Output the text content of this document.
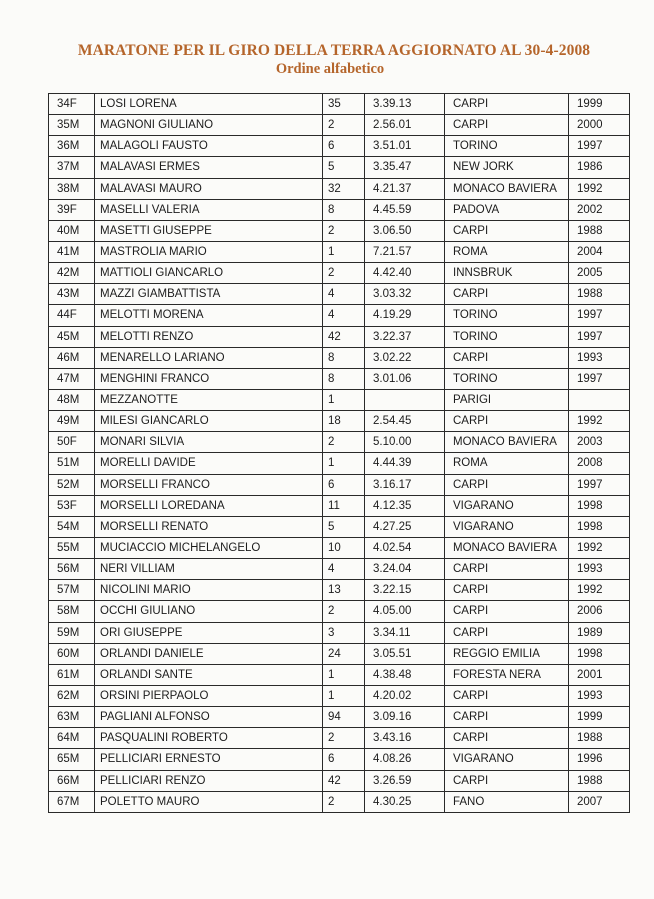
MARATONE PER IL GIRO DELLA TERRA AGGIORNATO AL 30-4-2008
Ordine alfabetico
34F	LOSI LORENA	35	3.39.13	CARPI	1999
35M	MAGNONI GIULIANO	2	2.56.01	CARPI	2000
36M	MALAGOLI FAUSTO	6	3.51.01	TORINO	1997
37M	MALAVASI ERMES	5	3.35.47	NEW JORK	1986
38M	MALAVASI MAURO	32	4.21.37	MONACO BAVIERA	1992
39F	MASELLI VALERIA	8	4.45.59	PADOVA	2002
40M	MASETTI GIUSEPPE	2	3.06.50	CARPI	1988
41M	MASTROLIA MARIO	1	7.21.57	ROMA	2004
42M	MATTIOLI GIANCARLO	2	4.42.40	INNSBRUK	2005
43M	MAZZI GIAMBATTISTA	4	3.03.32	CARPI	1988
44F	MELOTTI MORENA	4	4.19.29	TORINO	1997
45M	MELOTTI RENZO	42	3.22.37	TORINO	1997
46M	MENARELLO LARIANO	8	3.02.22	CARPI	1993
47M	MENGHINI FRANCO	8	3.01.06	TORINO	1997
48M	MEZZANOTTE	1		PARIGI	
49M	MILESI GIANCARLO	18	2.54.45	CARPI	1992
50F	MONARI SILVIA	2	5.10.00	MONACO BAVIERA	2003
51M	MORELLI DAVIDE	1	4.44.39	ROMA	2008
52M	MORSELLI FRANCO	6	3.16.17	CARPI	1997
53F	MORSELLI LOREDANA	11	4.12.35	VIGARANO	1998
54M	MORSELLI RENATO	5	4.27.25	VIGARANO	1998
55M	MUCIACCIO MICHELANGELO	10	4.02.54	MONACO BAVIERA	1992
56M	NERI VILLIAM	4	3.24.04	CARPI	1993
57M	NICOLINI MARIO	13	3.22.15	CARPI	1992
58M	OCCHI GIULIANO	2	4.05.00	CARPI	2006
59M	ORI GIUSEPPE	3	3.34.11	CARPI	1989
60M	ORLANDI DANIELE	24	3.05.51	REGGIO EMILIA	1998
61M	ORLANDI SANTE	1	4.38.48	FORESTA NERA	2001
62M	ORSINI PIERPAOLO	1	4.20.02	CARPI	1993
63M	PAGLIANI ALFONSO	94	3.09.16	CARPI	1999
64M	PASQUALINI ROBERTO	2	3.43.16	CARPI	1988
65M	PELLICIARI ERNESTO	6	4.08.26	VIGARANO	1996
66M	PELLICIARI RENZO	42	3.26.59	CARPI	1988
67M	POLETTO MAURO	2	4.30.25	FANO	2007
